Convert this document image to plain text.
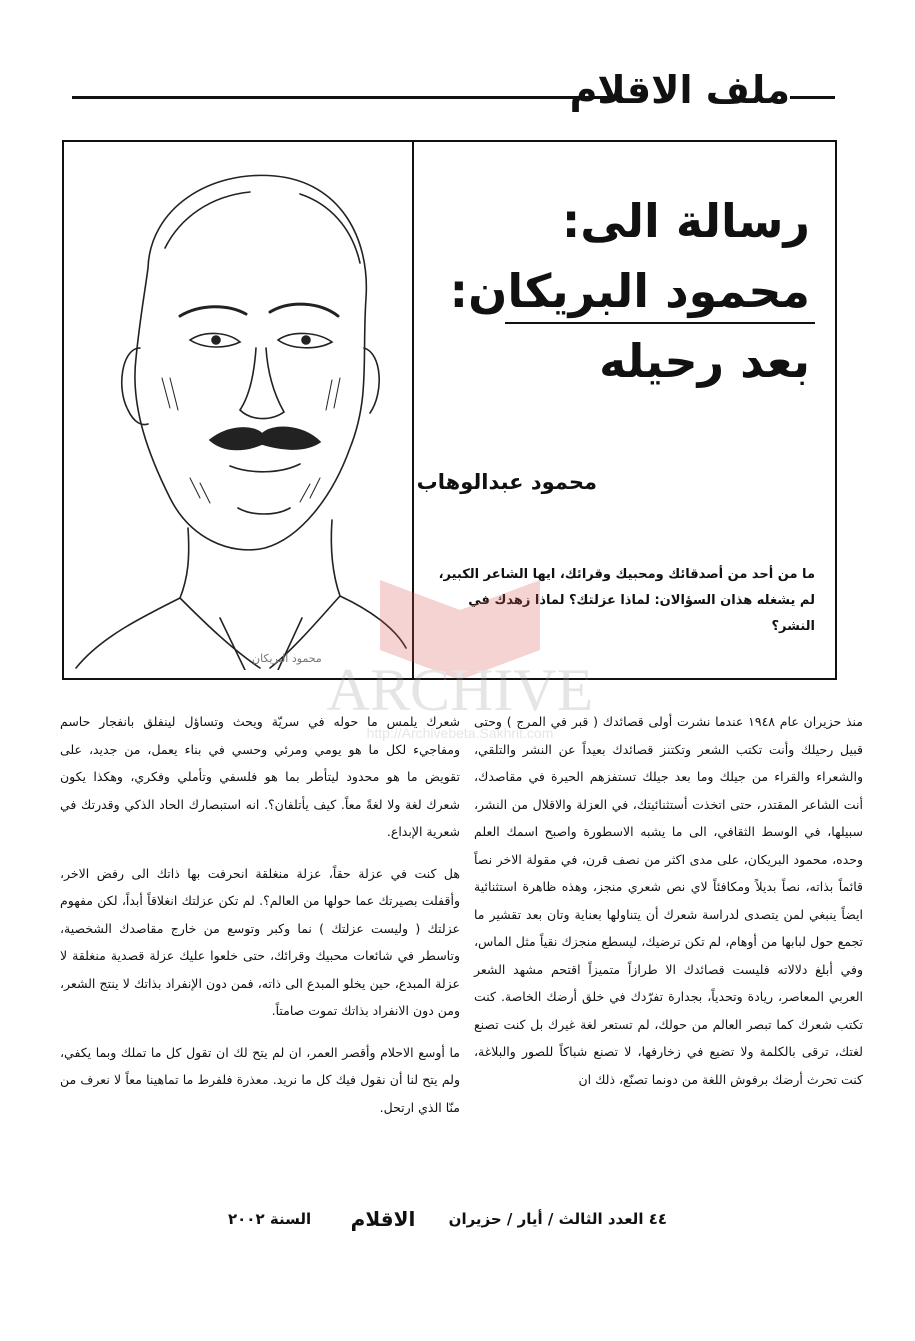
ملف الاقلام
محمود البريكان
رسالة الى:
محمود البريكان:
بعد رحيله
محمود عبدالوهاب
ما من أحد من أصدقائك ومحبيك وقرائك، ايها الشاعر الكبير، لم يشغله هذان السؤالان: لماذا عزلتك؟ لماذا زهدك في النشر؟
ARCHIVE
http://Archivebeta.Sakhrit.com

منذ حزيران عام ١٩٤٨ عندما نشرت أولى قصائدك ( قبر في المرج ) وحتى قبيل رحيلك وأنت تكتب الشعر وتكتنز قصائدك بعيداً عن النشر والتلقي، والشعراء والقراء من جيلك وما بعد جيلك تستفزهم الحيرة في مقاصدك، أنت الشاعر المقتدر، حتى اتخذت أستثنائيتك، في العزلة والاقلال من النشر، سبيلها، في الوسط الثقافي، الى ما يشبه الاسطورة واصبح اسمك العلم وحده، محمود البريكان، على مدى اكثر من نصف قرن، في مقولة الاخر نصاً قائماً بذاته، نصاً بديلاً ومكافئاً لاي نص شعري منجز، وهذه ظاهرة استثنائية ايضاً ينبغي لمن يتصدى لدراسة شعرك أن يتناولها بعناية وتان بعد تقشير ما تجمع حول لبابها من أوهام، لم تكن ترضيك، ليسطع منجزك نقياً مثل الماس، وفي أبلغ دلالاته فليست قصائدك الا طرازاً متميزاً اقتحم مشهد الشعر العربي المعاصر، ريادة وتحدياً، بجدارة تفرّدك في خلق أرضك الخاصة. كنت تكتب شعرك كما تبصر العالم من حولك، لم تستعر لغة غيرك بل كنت تصنع لغتك، ترقى بالكلمة ولا تضيع في زخارفها، لا تصنع شباكاً للصور والبلاغة، كنت تحرث أرضك برفوش اللغة من دونما تصنّع، ذلك ان

شعرك يلمس ما حوله في سريّة ويحث وتساؤل لينفلق بانفجار حاسم ومفاجيء لكل ما هو يومي ومرئي وحسي في بناء يعمل، من جديد، على تقويض ما هو محدود ليتأطر بما هو فلسفي وتأملي وفكري، وهكذا يكون شعرك لغة ولا لغةً معاً. كيف يأتلفان؟. انه استبصارك الحاد الذكي وقدرتك في شعرية الإبداع.

هل كنت في عزلة حقاً، عزلة منغلقة انحرفت بها ذاتك الى رفض الاخر، وأقفلت بصيرتك عما حولها من العالم؟. لم تكن عزلتك انغلاقاً أبداً، لكن مفهوم عزلتك ( وليست عزلتك ) نما وكبر وتوسع من خارج مقاصدك الشخصية، وتاسطر في شائعات محبيك وقرائك، حتى خلعوا عليك عزلة قصدية منغلقة لا عزلة المبدع، حين يخلو المبدع الى ذاته، فمن دون الإنفراد بذاتك لا ينتج الشعر، ومن دون الانفراد بذاتك تموت صامتاً.

ما أوسع الاحلام وأقصر العمر، ان لم يتح لك ان تقول كل ما تملك وبما يكفي، ولم يتح لنا أن نقول فيك كل ما نريد. معذرة فلفرط ما تماهينا معاً لا نعرف من منّا الذي ارتحل.

٤٤ العدد الثالث / أيار / حزيران
الاقلام
السنة ٢٠٠٢
